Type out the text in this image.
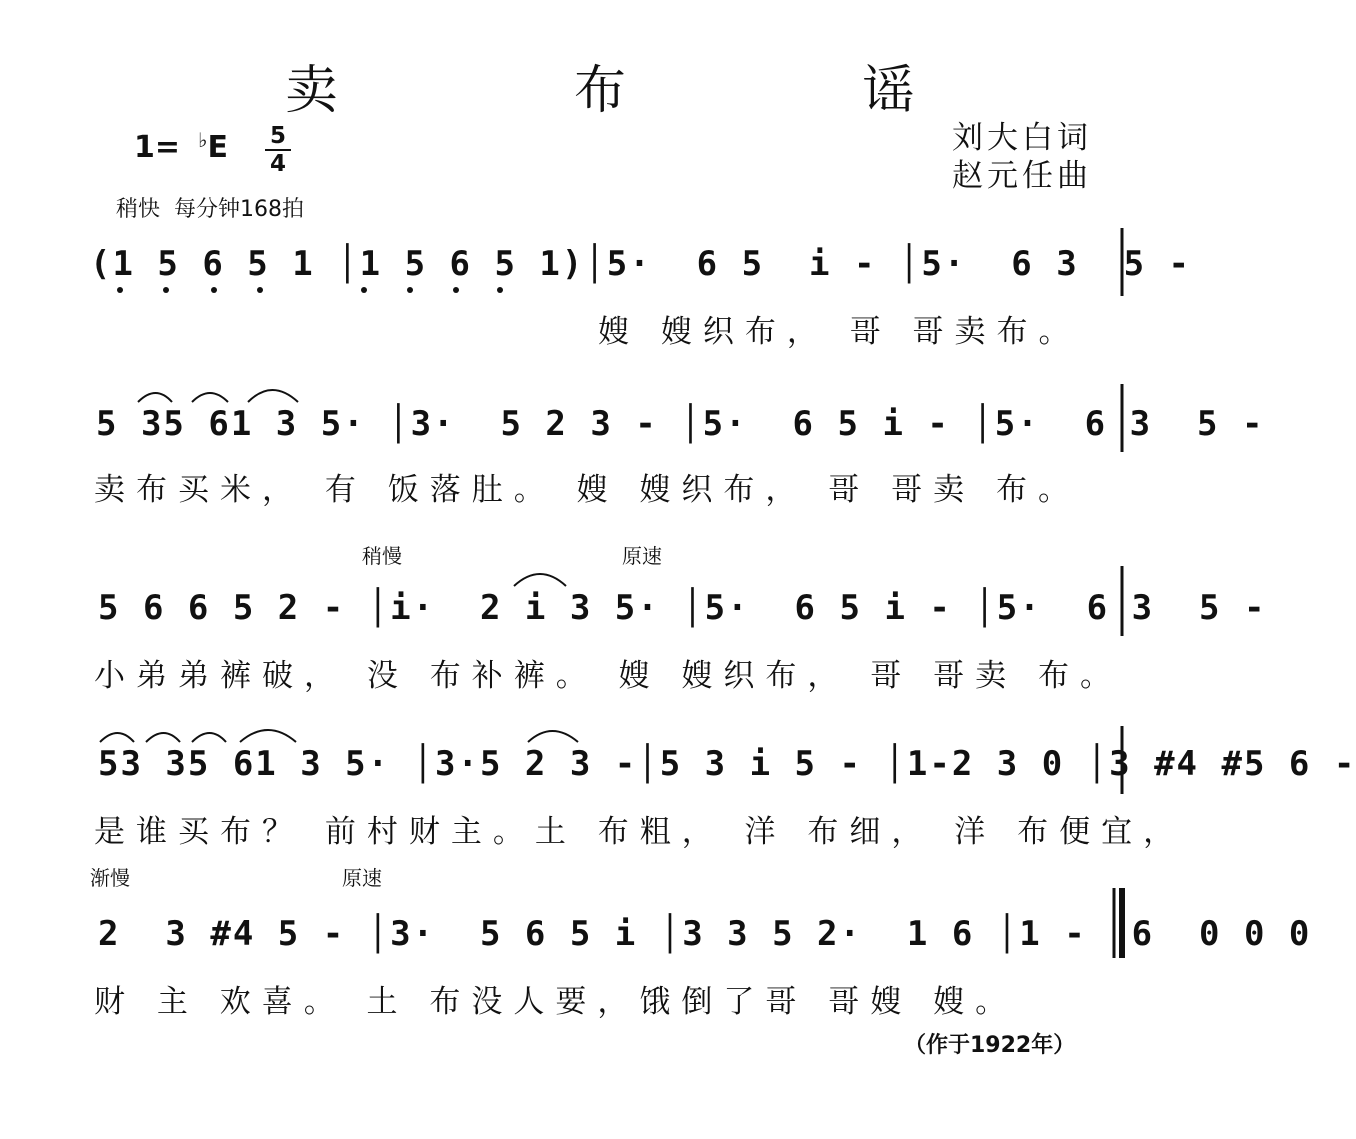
卖 布 谣
刘大白词
赵元任曲
1= ♭E	5
4
稍快  每分钟168拍
(1 5 6 5 1 │1 5 6 5 1)│5·  6 5  i - │5·  6 3  5 -
嫂 嫂织布， 哥 哥卖布。
5 35 61 3 5· │3·  5 2 3 - │5·  6 5 i - │5·  6 3  5 -
卖布买米， 有 饭落肚。 嫂 嫂织布， 哥 哥卖 布。
稍慢	原速
5 6 6 5 2 - │i·  2 i 3 5· │5·  6 5 i - │5·  6 3  5 -
小弟弟裤破， 没 布补裤。 嫂 嫂织布， 哥 哥卖 布。
53 35 61 3 5· │3·5 2 3 -│5 3 i 5 - │1-2 3 0 │3 #4 #5 6 -
是谁买布？ 前村财主。土 布粗， 洋 布细， 洋 布便宜，
渐慢	原速
2  3 #4 5 - │3·  5 6 5 i │3 3 5 2·  1 6 │1 -  6  0 0 0
财 主 欢喜。 土 布没人要，饿倒了哥 哥嫂 嫂。
（作于1922年）
